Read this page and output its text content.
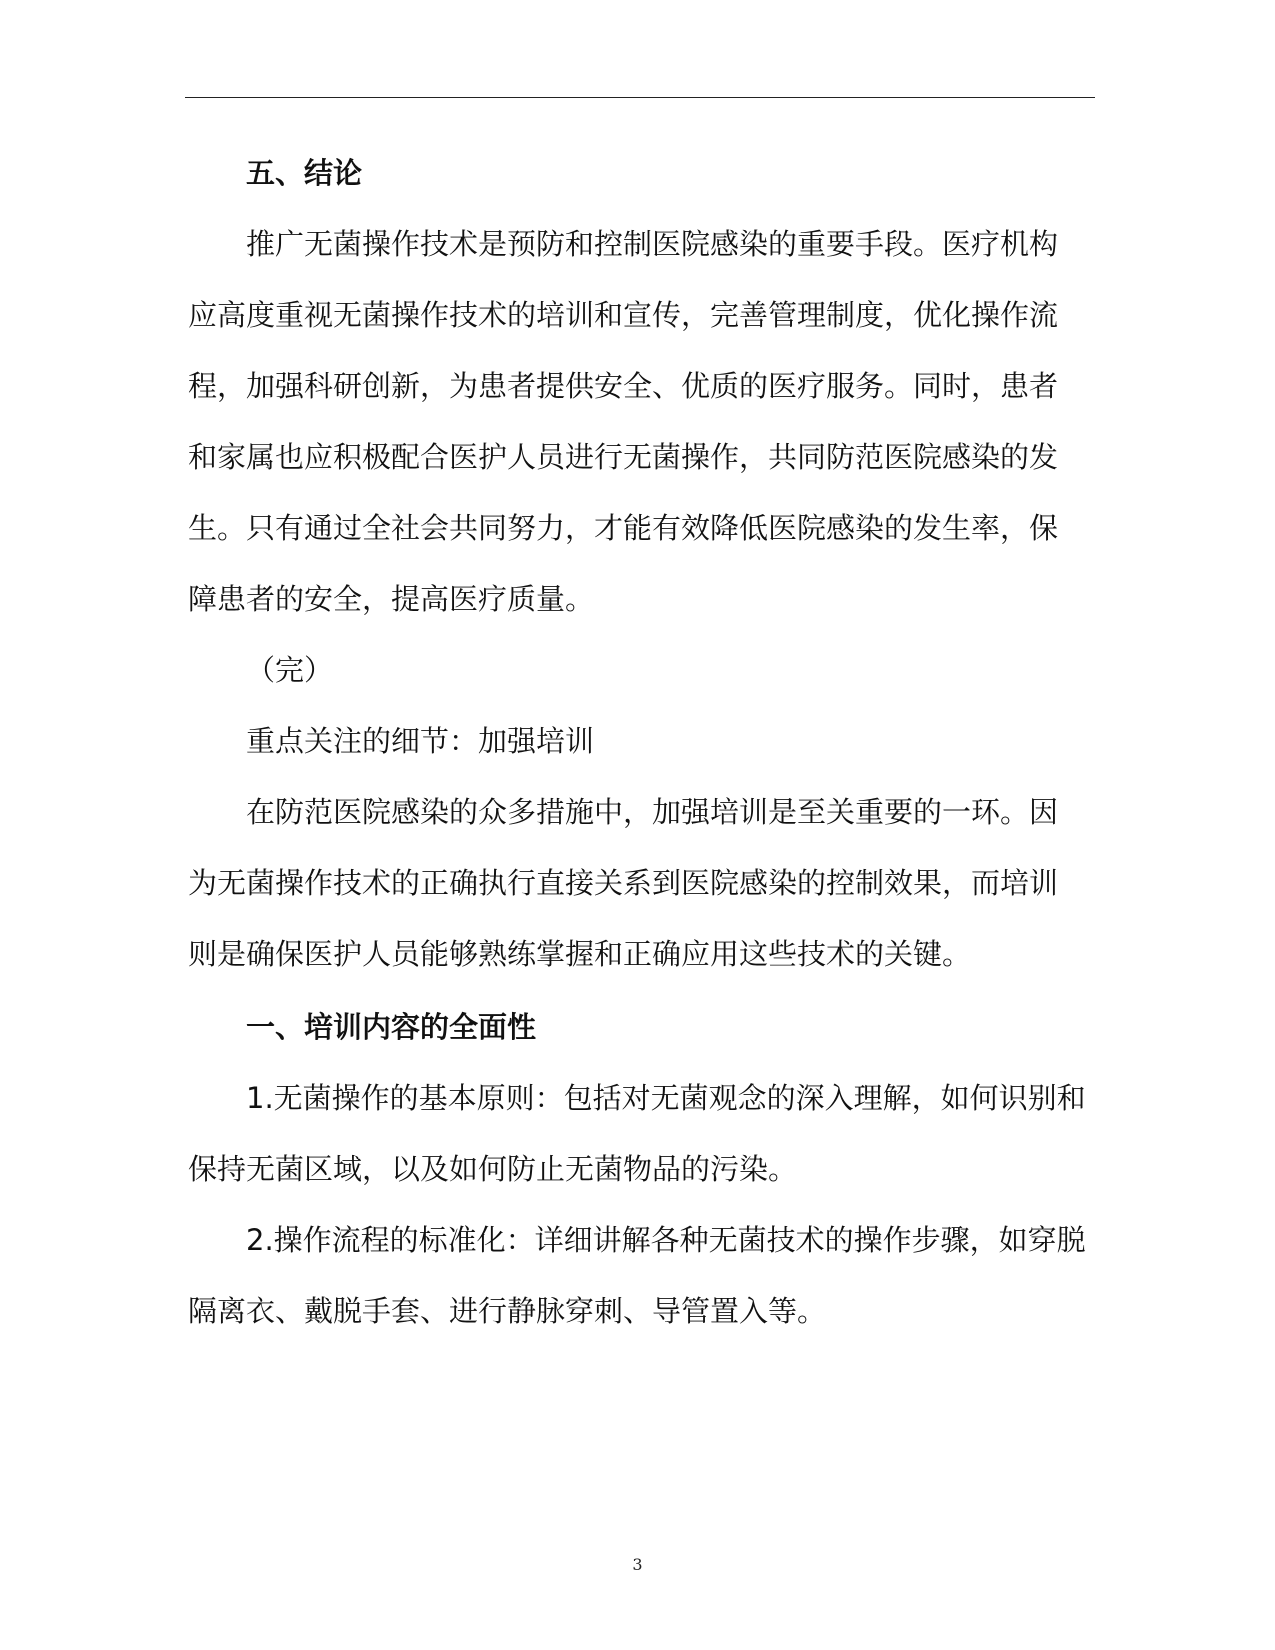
五、结论
推广无菌操作技术是预防和控制医院感染的重要手段。医疗机构
应高度重视无菌操作技术的培训和宣传，完善管理制度，优化操作流
程，加强科研创新，为患者提供安全、优质的医疗服务。同时，患者
和家属也应积极配合医护人员进行无菌操作，共同防范医院感染的发
生。只有通过全社会共同努力，才能有效降低医院感染的发生率，保
障患者的安全，提高医疗质量。
（完）
重点关注的细节：加强培训
在防范医院感染的众多措施中，加强培训是至关重要的一环。因
为无菌操作技术的正确执行直接关系到医院感染的控制效果，而培训
则是确保医护人员能够熟练掌握和正确应用这些技术的关键。
一、培训内容的全面性
1.无菌操作的基本原则：包括对无菌观念的深入理解，如何识别和
保持无菌区域，以及如何防止无菌物品的污染。
2.操作流程的标准化：详细讲解各种无菌技术的操作步骤，如穿脱
隔离衣、戴脱手套、进行静脉穿刺、导管置入等。
3
